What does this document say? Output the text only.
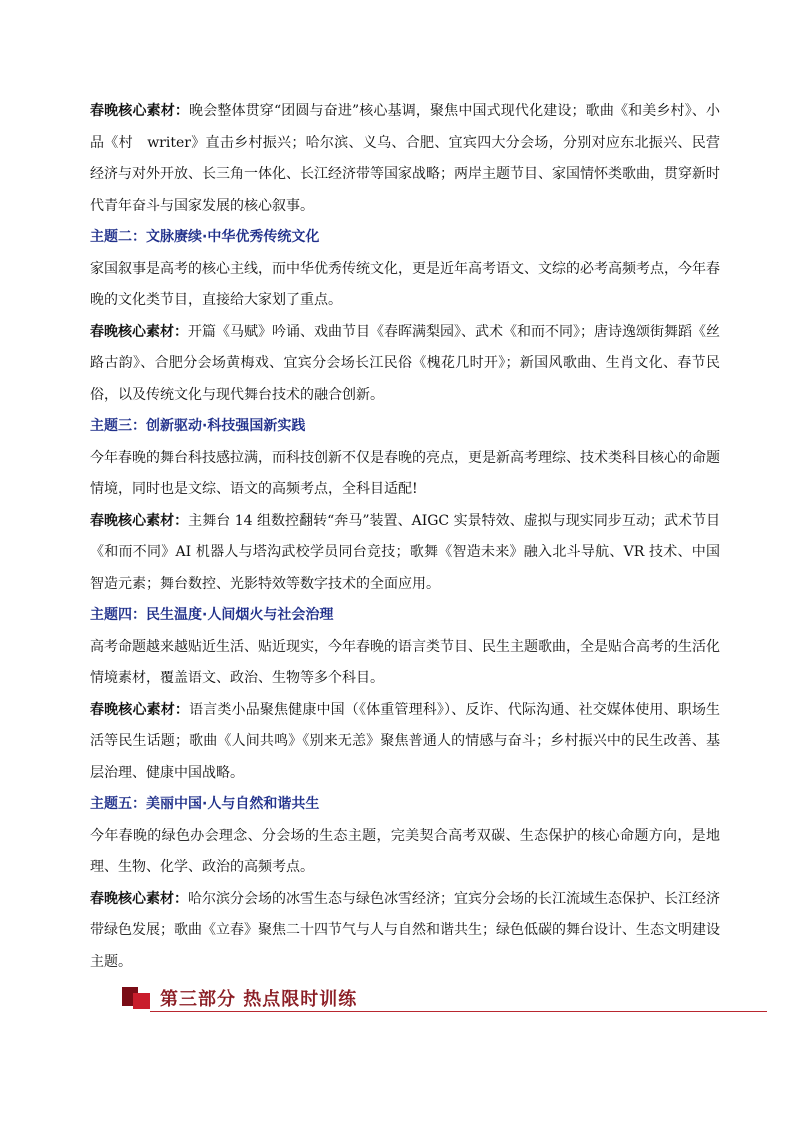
春晚核心素材：晚会整体贯穿“团圆与奋进”核心基调，聚焦中国式现代化建设；歌曲《和美乡村》、小品《村　writer》直击乡村振兴；哈尔滨、义乌、合肥、宜宾四大分会场，分别对应东北振兴、民营经济与对外开放、长三角一体化、长江经济带等国家战略；两岸主题节目、家国情怀类歌曲，贯穿新时代青年奋斗与国家发展的核心叙事。

主题二：文脉赓续·中华优秀传统文化

家国叙事是高考的核心主线，而中华优秀传统文化，更是近年高考语文、文综的必考高频考点，今年春晚的文化类节目，直接给大家划了重点。

春晚核心素材：开篇《马赋》吟诵、戏曲节目《春晖满梨园》、武术《和而不同》；唐诗逸颂街舞蹈《丝路古韵》、合肥分会场黄梅戏、宜宾分会场长江民俗《槐花几时开》；新国风歌曲、生肖文化、春节民俗，以及传统文化与现代舞台技术的融合创新。

主题三：创新驱动·科技强国新实践

今年春晚的舞台科技感拉满，而科技创新不仅是春晚的亮点，更是新高考理综、技术类科目核心的命题情境，同时也是文综、语文的高频考点，全科目适配!

春晚核心素材：主舞台 14 组数控翻转“奔马”装置、AIGC 实景特效、虚拟与现实同步互动；武术节目《和而不同》AI 机器人与塔沟武校学员同台竞技；歌舞《智造未来》融入北斗导航、VR 技术、中国智造元素；舞台数控、光影特效等数字技术的全面应用。

主题四：民生温度·人间烟火与社会治理

高考命题越来越贴近生活、贴近现实，今年春晚的语言类节目、民生主题歌曲，全是贴合高考的生活化情境素材，覆盖语文、政治、生物等多个科目。

春晚核心素材：语言类小品聚焦健康中国（《体重管理科》）、反诈、代际沟通、社交媒体使用、职场生活等民生话题；歌曲《人间共鸣》《别来无恙》聚焦普通人的情感与奋斗；乡村振兴中的民生改善、基层治理、健康中国战略。

主题五：美丽中国·人与自然和谐共生

今年春晚的绿色办会理念、分会场的生态主题，完美契合高考双碳、生态保护的核心命题方向，是地理、生物、化学、政治的高频考点。

春晚核心素材：哈尔滨分会场的冰雪生态与绿色冰雪经济；宜宾分会场的长江流域生态保护、长江经济带绿色发展；歌曲《立春》聚焦二十四节气与人与自然和谐共生；绿色低碳的舞台设计、生态文明建设主题。

第三部分 热点限时训练
